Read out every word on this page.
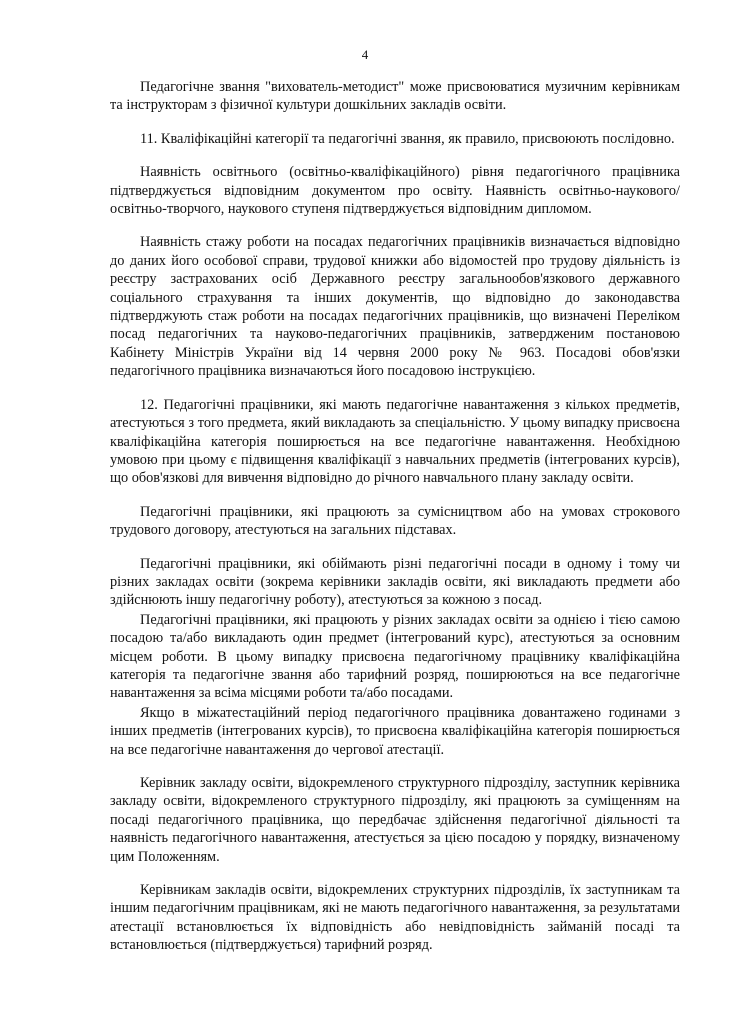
4

Педагогічне звання "вихователь-методист" може присвоюватися музичним керівникам та інструкторам з фізичної культури дошкільних закладів освіти.

11. Кваліфікаційні категорії та педагогічні звання, як правило, присвоюють послідовно.

Наявність освітнього (освітньо-кваліфікаційного) рівня педагогічного працівника підтверджується відповідним документом про освіту. Наявність освітньо-наукового/освітньо-творчого, наукового ступеня підтверджується відповідним дипломом.

Наявність стажу роботи на посадах педагогічних працівників визначається відповідно до даних його особової справи, трудової книжки або відомостей про трудову діяльність із реєстру застрахованих осіб Державного реєстру загальнообов'язкового державного соціального страхування та інших документів, що відповідно до законодавства підтверджують стаж роботи на посадах педагогічних працівників, що визначені Переліком посад педагогічних та науково-педагогічних працівників, затвердженим постановою Кабінету Міністрів України від 14 червня 2000 року № 963. Посадові обов'язки педагогічного працівника визначаються його посадовою інструкцією.

12. Педагогічні працівники, які мають педагогічне навантаження з кількох предметів, атестуються з того предмета, який викладають за спеціальністю. У цьому випадку присвоєна кваліфікаційна категорія поширюється на все педагогічне навантаження. Необхідною умовою при цьому є підвищення кваліфікації з навчальних предметів (інтегрованих курсів), що обов'язкові для вивчення відповідно до річного навчального плану закладу освіти.

Педагогічні працівники, які працюють за сумісництвом або на умовах строкового трудового договору, атестуються на загальних підставах.

Педагогічні працівники, які обіймають різні педагогічні посади в одному і тому чи різних закладах освіти (зокрема керівники закладів освіти, які викладають предмети або здійснюють іншу педагогічну роботу), атестуються за кожною з посад.

Педагогічні працівники, які працюють у різних закладах освіти за однією і тією самою посадою та/або викладають один предмет (інтегрований курс), атестуються за основним місцем роботи. В цьому випадку присвоєна педагогічному працівнику кваліфікаційна категорія та педагогічне звання або тарифний розряд, поширюються на все педагогічне навантаження за всіма місцями роботи та/або посадами.

Якщо в міжатестаційний період педагогічного працівника довантажено годинами з інших предметів (інтегрованих курсів), то присвоєна кваліфікаційна категорія поширюється на все педагогічне навантаження до чергової атестації.

Керівник закладу освіти, відокремленого структурного підрозділу, заступник керівника закладу освіти, відокремленого структурного підрозділу, які працюють за суміщенням на посаді педагогічного працівника, що передбачає здійснення педагогічної діяльності та наявність педагогічного навантаження, атестується за цією посадою у порядку, визначеному цим Положенням.

Керівникам закладів освіти, відокремлених структурних підрозділів, їх заступникам та іншим педагогічним працівникам, які не мають педагогічного навантаження, за результатами атестації встановлюється їх відповідність або невідповідність займаній посаді та встановлюється (підтверджується) тарифний розряд.
